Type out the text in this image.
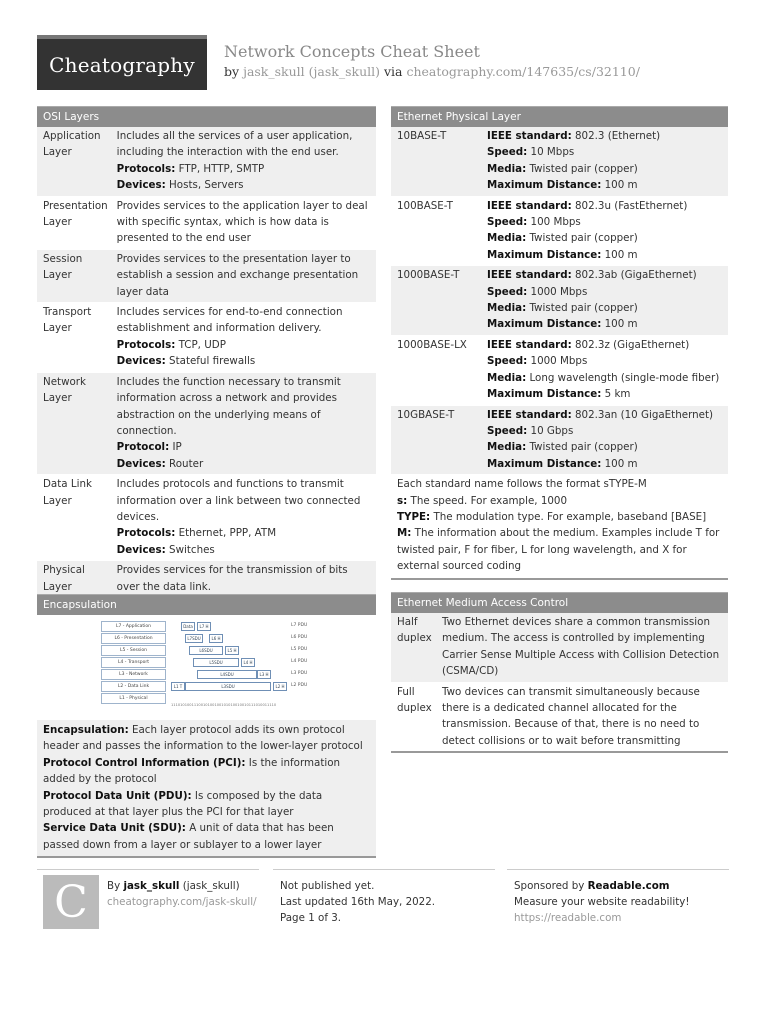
Cheatography
Network Concepts Cheat Sheet
by jask_skull (jask_skull) via cheatography.com/147635/cs/32110/
OSI Layers
Application Layer	Includes all the services of a user application, including the interaction with the end user.
Protocols: FTP, HTTP, SMTP
Devices: Hosts, Servers

Presentation Layer	Provides services to the application layer to deal with specific syntax, which is how data is presented to the end user

Session Layer	Provides services to the presentation layer to establish a session and exchange presentation layer data

Transport Layer	Includes services for end-to-end connection establishment and information delivery.
Protocols: TCP, UDP
Devices: Stateful firewalls

Network Layer	Includes the function necessary to transmit information across a network and provides abstraction on the underlying means of connection.
Protocol: IP
Devices: Router

Data Link Layer	Includes protocols and functions to transmit information over a link between two connected devices.
Protocols: Ethernet, PPP, ATM
Devices: Switches

Physical Layer	Provides services for the transmission of bits over the data link.
Encapsulation
L7 - Application
L6 - Presentation
L5 - Session
L4 - Transport
L3 - Network
L2 - Data Link
L1 - Physical
L7 PDU
L6 PDU
L5 PDU
L4 PDU
L3 PDU
L2 PDU
Data	L7 H
L7SDU	L6 H
L6SDU	L5 H
L5SDU	L4 H
L4SDU	L3 H
L1 T	L3SDU	L2 H
1110101001110010100100101010010010111010011110
Encapsulation: Each layer protocol adds its own protocol header and passes the information to the lower-layer protocol
Protocol Control Information (PCI): Is the information added by the protocol
Protocol Data Unit (PDU): Is composed by the data produced at that layer plus the PCI for that layer
Service Data Unit (SDU): A unit of data that has been passed down from a layer or sublayer to a lower layer
Ethernet Physical Layer
10BASE-T	IEEE standard: 802.3 (Ethernet)
Speed: 10 Mbps
Media: Twisted pair (copper)
Maximum Distance: 100 m

100BASE-T	IEEE standard: 802.3u (FastEthernet)
Speed: 100 Mbps
Media: Twisted pair (copper)
Maximum Distance: 100 m

1000BASE-T	IEEE standard: 802.3ab (GigaEthernet)
Speed: 1000 Mbps
Media: Twisted pair (copper)
Maximum Distance: 100 m

1000BASE-LX	IEEE standard: 802.3z (GigaEthernet)
Speed: 1000 Mbps
Media: Long wavelength (single-mode fiber)
Maximum Distance: 5 km

10GBASE-T	IEEE standard: 802.3an (10 GigaEthernet)
Speed: 10 Gbps
Media: Twisted pair (copper)
Maximum Distance: 100 m
Each standard name follows the format sTYPE-M
s: The speed. For example, 1000
TYPE: The modulation type. For example, baseband [BASE]
M: The information about the medium. Examples include T for twisted pair, F for fiber, L for long wavelength, and X for external sourced coding
Ethernet Medium Access Control
Half duplex	Two Ethernet devices share a common transmission medium. The access is controlled by implementing Carrier Sense Multiple Access with Collision Detection (CSMA/CD)
Full duplex	Two devices can transmit simultaneously because there is a dedicated channel allocated for the transmission. Because of that, there is no need to detect collisions or to wait before transmitting
C By jask_skull (jask_skull)
cheatography.com/jask-skull/
Not published yet.
Last updated 16th May, 2022.
Page 1 of 3.
Sponsored by Readable.com
Measure your website readability!
https://readable.com
